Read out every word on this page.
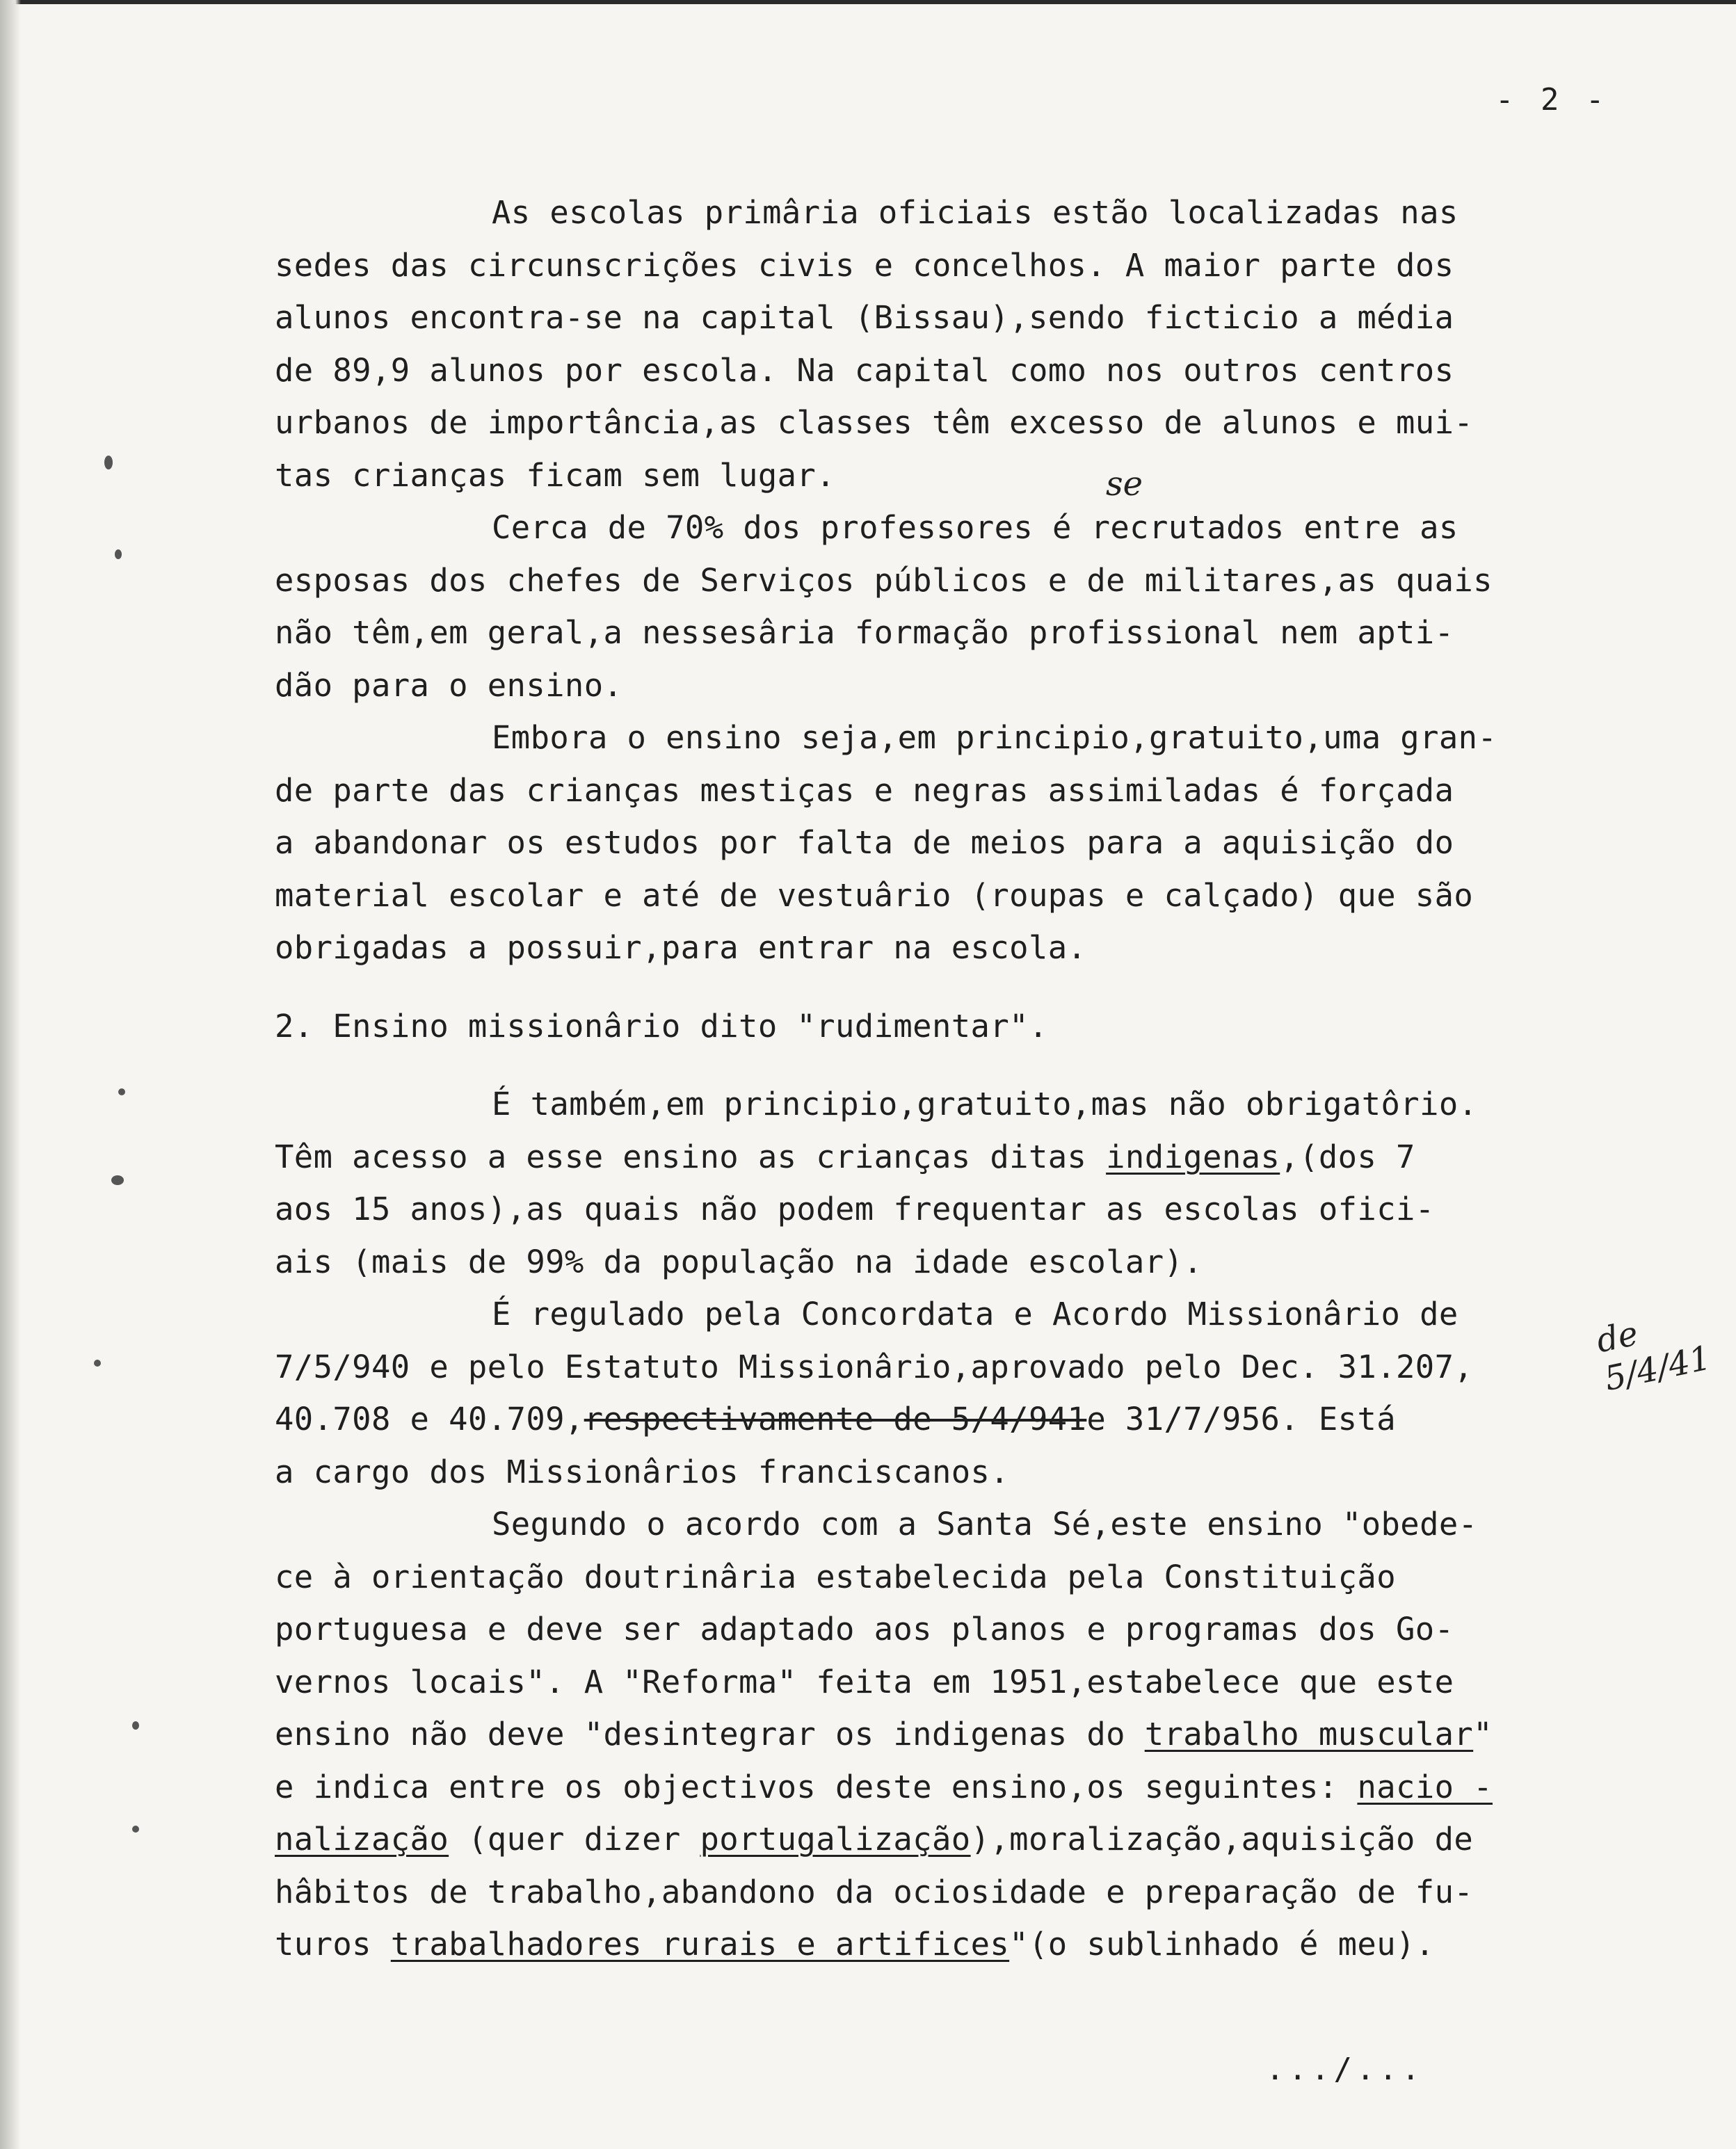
- 2 -
As escolas primâria oficiais estão localizadas nas
sedes das circunscrições civis e concelhos. A maior parte dos
alunos encontra-se na capital (Bissau),sendo ficticio a média
de 89,9 alunos por escola. Na capital como nos outros centros
urbanos de importância,as classes têm excesso de alunos e mui-
tas crianças ficam sem lugar.
Cerca de 70% dos professores é recrutados entre as
esposas dos chefes de Serviços públicos e de militares,as quais
não têm,em geral,a nessesâria formação profissional nem apti-
dão para o ensino.
Embora o ensino seja,em principio,gratuito,uma gran-
de parte das crianças mestiças e negras assimiladas é forçada
a abandonar os estudos por falta de meios para a aquisição do
material escolar e até de vestuârio (roupas e calçado) que são
obrigadas a possuir,para entrar na escola.
2. Ensino missionârio dito "rudimentar".
É também,em principio,gratuito,mas não obrigatôrio.
Têm acesso a esse ensino as crianças ditas indigenas,(dos 7
aos 15 anos),as quais não podem frequentar as escolas ofici-
ais (mais de 99% da população na idade escolar).
É regulado pela Concordata e Acordo Missionârio de
7/5/940 e pelo Estatuto Missionârio,aprovado pelo Dec. 31.207,
40.708 e 40.709,respectivamente de 5/4/941e 31/7/956. Está
a cargo dos Missionârios franciscanos.
Segundo o acordo com a Santa Sé,este ensino "obede-
ce à orientação doutrinâria estabelecida pela Constituição
portuguesa e deve ser adaptado aos planos e programas dos Go-
vernos locais". A "Reforma" feita em 1951,estabelece que este
ensino não deve "desintegrar os indigenas do trabalho muscular"
e indica entre os objectivos deste ensino,os seguintes: nacio -
nalização (quer dizer portugalização),moralização,aquisição de
hâbitos de trabalho,abandono da ociosidade e preparação de fu-
turos trabalhadores rurais e artifices"(o sublinhado é meu).
se
de 5/4/41
.../...
